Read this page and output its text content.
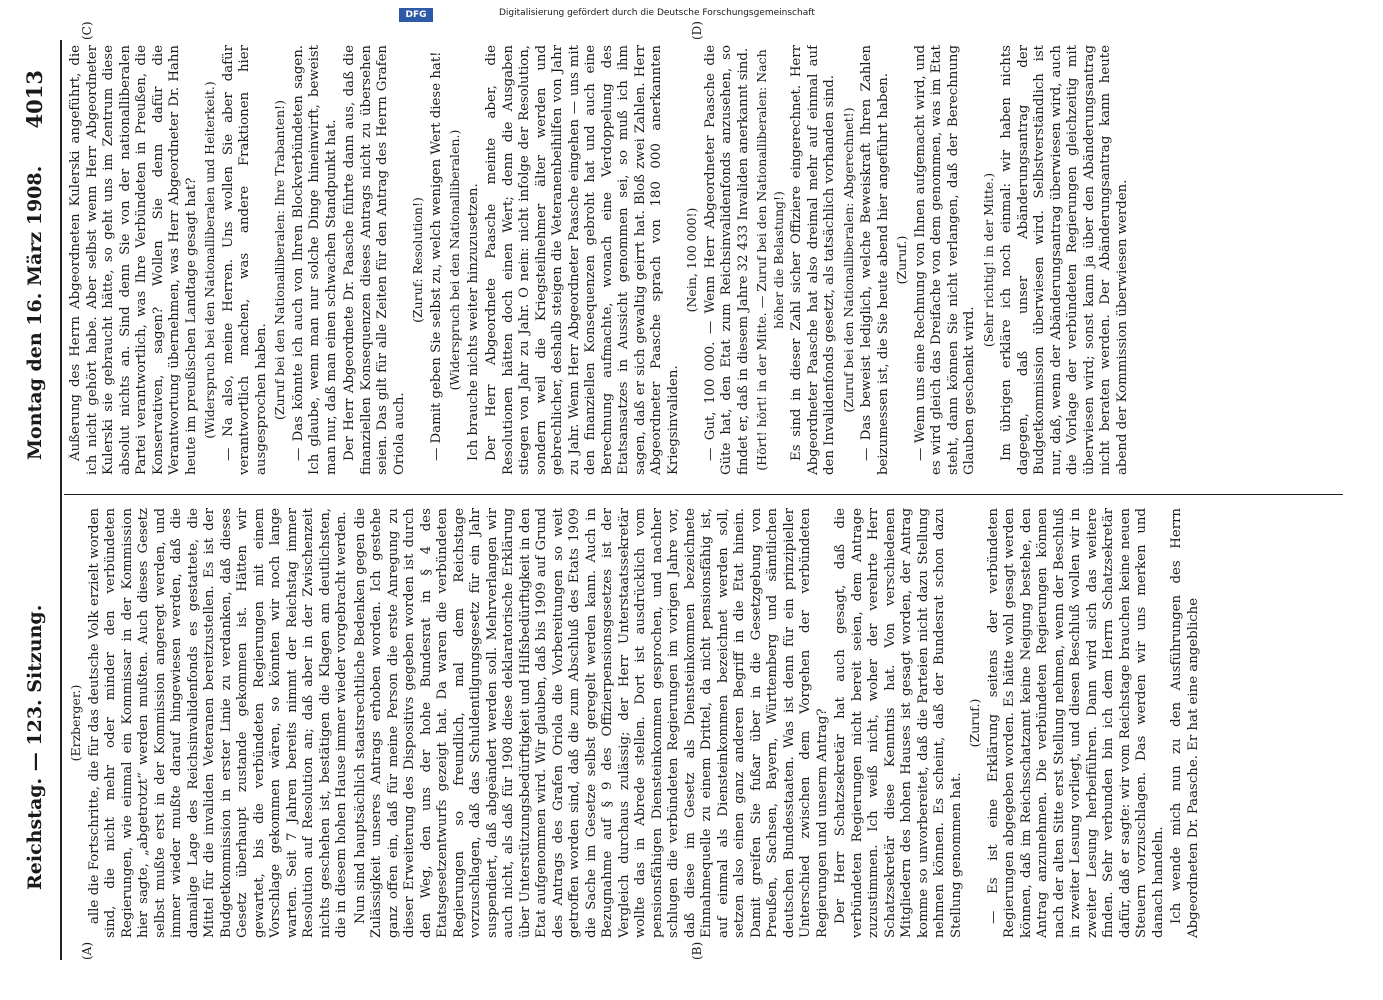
DFG	Digitalisierung gefördert durch die Deutsche Forschungsgemeinschaft
Reichstag. — 123. Sitzung.
Montag den 16. März 1908.
4013
(A)	(B)
(C)	(D)

(Erzberger.) alle die Fortschritte, die für das deutsche Volk erzielt worden sind, die nicht mehr oder minder den verbündeten Regierungen, wie einmal ein Kommissar in der Kommission hier sagte, „abgetrotzt“ werden mußten. Auch dieses Gesetz selbst mußte erst in der Kommission angeregt werden, und immer wieder mußte darauf hingewiesen werden, daß die damalige Lage des Reichsinvalidenfonds es gestattete, die Mittel für die invaliden Veteranen bereitzustellen. Es ist der Budgetkommission in erster Linie zu verdanken, daß dieses Gesetz überhaupt zustande gekommen ist. Hätten wir gewartet, bis die verbündeten Regierungen mit einem Vorschlage gekommen wären, so könnten wir noch lange warten. Seit 7 Jahren bereits nimmt der Reichstag immer Resolution auf Resolution an; daß aber in der Zwischenzeit nichts geschehen ist, bestätigen die Klagen am deutlichsten, die in diesem hohen Hause immer wieder vorgebracht werden. Nun sind hauptsächlich staatsrechtliche Bedenken gegen die Zulässigkeit unseres Antrags erhoben worden. Ich gestehe ganz offen ein, daß für meine Person die erste Anregung zu dieser Erweiterung des Dispositivs gegeben worden ist durch den Weg, den uns der hohe Bundesrat in § 4 des Etatsgesetzentwurfs gezeigt hat. Da waren die verbündeten Regierungen so freundlich, mal dem Reichstage vorzuschlagen, daß das Schuldentilgungsgesetz für ein Jahr suspendiert, daß abgeändert werden soll. Mehrverlangen wir auch nicht, als daß für 1908 diese deklaratorische Erklärung über Unterstützungsbedürftigkeit und Hilfsbedürftigkeit in den Etat aufgenommen wird. Wir glauben, daß bis 1909 auf Grund des Antrags des Grafen Oriola die Vorbereitungen so weit getroffen worden sind, daß die zum Abschluß des Etats 1909 die Sache im Gesetze selbst geregelt werden kann. Auch in Bezugnahme auf § 9 des Offizierpensionsgesetzes ist der Vergleich durchaus zulässig; der Herr Unterstaatssekretär wollte das in Abrede stellen. Dort ist ausdrücklich vom pensionsfähigen Diensteinkommen gesprochen, und nachher schlugen die verbündeten Regierungen im vorigen Jahre vor, daß diese im Gesetz als Diensteinkommen bezeichnete Einnahmequelle zu einem Drittel, da nicht pensionsfähig ist, auf einmal als Diensteinkommen bezeichnet werden soll, setzen also einen ganz anderen Begriff in die Etat hinein. Damit greifen Sie fußar über in die Gesetzgebung von Preußen, Sachsen, Bayern, Württemberg und sämtlichen deutschen Bundesstaaten. Was ist denn für ein prinzipieller Unterschied zwischen dem Vorgehen der verbündeten Regierungen und unserm Antrag? Der Herr Schatzsekretär hat auch gesagt, daß die verbündeten Regierungen nicht bereit seien, dem Antrage zuzustimmen. Ich weiß nicht, woher der verehrte Herr Schatzsekretär diese Kenntnis hat. Von verschiedenen Mitgliedern des hohen Hauses ist gesagt worden, der Antrag komme so unvorbereitet, daß die Parteien nicht dazu Stellung nehmen können. Es scheint, daß der Bundesrat schon dazu Stellung genommen hat.

(Zuruf.) — Es ist eine Erklärung seitens der verbündeten Regierungen abgegeben worden. Es hätte wohl gesagt werden können, daß im Reichsschatzamt keine Neigung bestehe, den Antrag anzunehmen. Die verbündeten Regierungen können nach der alten Sitte erst Stellung nehmen, wenn der Beschluß in zweiter Lesung vorliegt, und diesen Beschluß wollen wir in zweiter Lesung herbeiführen. Dann wird sich das weitere finden. Sehr verbunden bin ich dem Herrn Schatzsekretär dafür, daß er sagte: wir vom Reichstage brauchen keine neuen Steuern vorzuschlagen. Das werden wir uns merken und danach handeln. Ich wende mich nun zu den Ausführungen des Herrn Abgeordneten Dr. Paasche. Er hat eine angebliche

Äußerung des Herrn Abgeordneten Kulerski angeführt, die ich nicht gehört habe. Aber selbst wenn Herr Abgeordneter Kulerski sie gebraucht hätte, so geht uns im Zentrum diese absolut nichts an. Sind denn Sie von der nationalliberalen Partei verantwortlich, was Ihre Verbündeten in Preußen, die Konservativen, sagen? Wollen Sie denn dafür die Verantwortung übernehmen, was Herr Abgeordneter Dr. Hahn heute im preußischen Landtage gesagt hat? (Widerspruch bei den Nationalliberalen und Heiterkeit.) — Na also, meine Herren. Uns wollen Sie aber dafür verantwortlich machen, was andere Fraktionen hier ausgesprochen haben. (Zuruf bei den Nationalliberalen: Ihre Trabanten!) — Das könnte ich auch von Ihren Blockverbündeten sagen. Ich glaube, wenn man nur solche Dinge hineinwirft, beweist man nur, daß man einen schwachen Standpunkt hat. Der Herr Abgeordnete Dr. Paasche führte dann aus, daß die finanziellen Konsequenzen dieses Antrags nicht zu übersehen seien. Das gilt für alle Zeiten für den Antrag des Herrn Grafen Oriola auch.

(Zuruf: Resolution!) — Damit geben Sie selbst zu, welch wenigen Wert diese hat! (Widerspruch bei den Nationalliberalen.) Ich brauche nichts weiter hinzuzusetzen. Der Herr Abgeordnete Paasche meinte aber, die Resolutionen hätten doch einen Wert; denn die Ausgaben stiegen von Jahr zu Jahr. O nein: nicht infolge der Resolution, sondern weil die Kriegsteilnehmer älter werden und gebrechlicher, deshalb steigen die Veteranenbeihilfen von Jahr zu Jahr. Wenn Herr Abgeordneter Paasche eingehen — uns mit den finanziellen Konsequenzen gebroht hat und auch eine Berechnung aufmachte, wonach eine Verdoppelung des Etatsansatzes in Aussicht genommen sei, so muß ich ihm sagen, daß er sich gewaltig geirrt hat. Bloß zwei Zahlen. Herr Abgeordneter Paasche sprach von 180 000 anerkannten Kriegsinvaliden.

(Nein, 100 000!) — Gut, 100 000. — Wenn Herr Abgeordneter Paasche die Güte hat, den Etat zum Reichsinvalidenfonds anzusehen, so findet er, daß in diesem Jahre 32 433 Invaliden anerkannt sind. (Hört! hört! in der Mitte. — Zuruf bei den Nationalliberalen: Nach höher die Belastung!) Es sind in dieser Zahl sicher Offiziere eingerechnet. Herr Abgeordneter Paasche hat also dreimal mehr auf einmal auf den Invalidenfonds gesetzt, als tatsächlich vorhanden sind. (Zuruf bei den Nationalliberalen: Abgerechnet!) — Das beweist lediglich, welche Beweiskraft Ihren Zahlen beizumessen ist, die Sie heute abend hier angeführt haben. (Zuruf.) — Wenn uns eine Rechnung von Ihnen aufgemacht wird, und es wird gleich das Dreifache von dem genommen, was im Etat steht, dann können Sie nicht verlangen, daß der Berechnung Glauben geschenkt wird.

(Sehr richtig! in der Mitte.) Im übrigen erkläre ich noch einmal: wir haben nichts dagegen, daß unser Abänderungsantrag der Budgetkommission überwiesen wird. Selbstverständlich ist nur, daß, wenn der Abänderungsantrag überwiesen wird, auch die Vorlage der verbündeten Regierungen gleichzeitig mit überwiesen wird; sonst kann ja über den Abänderungsantrag nicht beraten werden. Der Abänderungsantrag kann heute abend der Kommission überwiesen werden.
